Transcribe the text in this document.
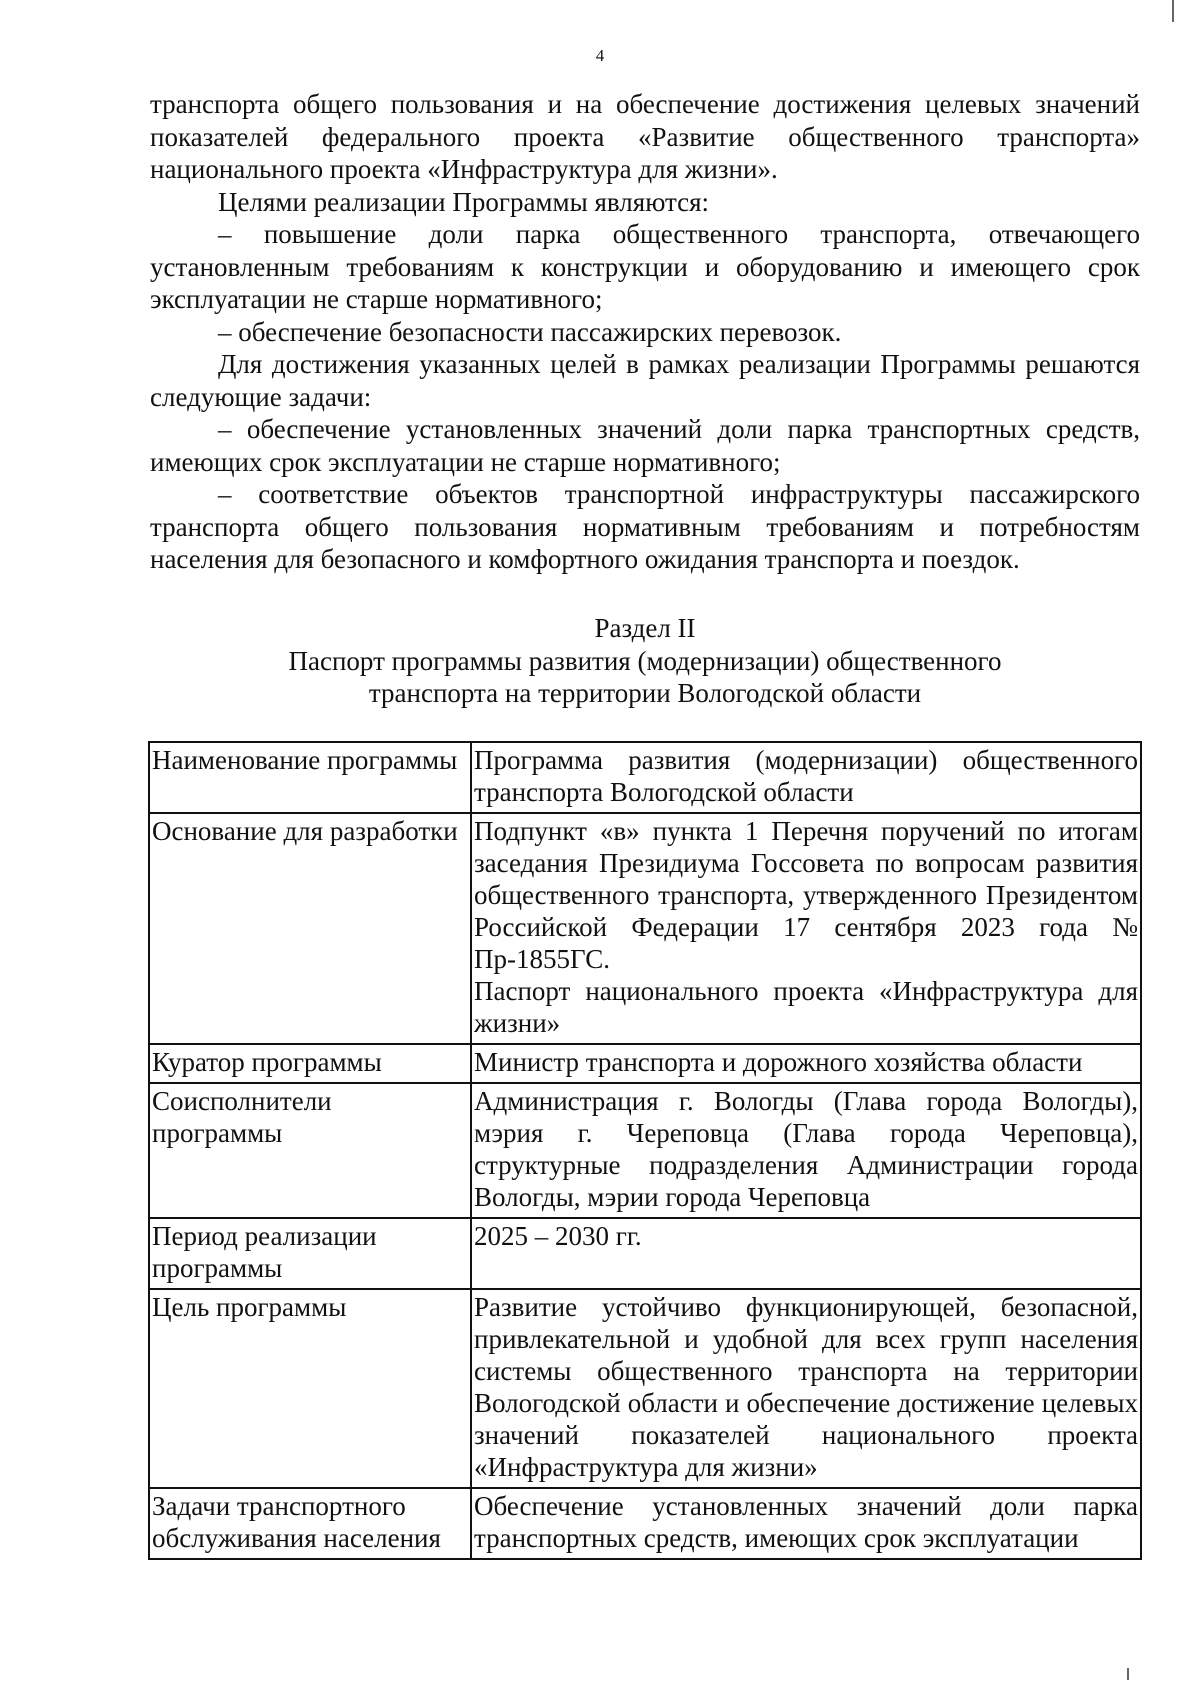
4

транспорта общего пользования и на обеспечение достижения целевых значений показателей федерального проекта «Развитие общественного транспорта» национального проекта «Инфраструктура для жизни».

Целями реализации Программы являются:

– повышение доли парка общественного транспорта, отвечающего установленным требованиям к конструкции и оборудованию и имеющего срок эксплуатации не старше нормативного;

– обеспечение безопасности пассажирских перевозок.

Для достижения указанных целей в рамках реализации Программы решаются следующие задачи:

– обеспечение установленных значений доли парка транспортных средств, имеющих срок эксплуатации не старше нормативного;

– соответствие объектов транспортной инфраструктуры пассажирского транспорта общего пользования нормативным требованиям и потребностям населения для безопасного и комфортного ожидания транспорта и поездок.

Раздел II
Паспорт программы развития (модернизации) общественного
транспорта на территории Вологодской области
Наименование программы	Программа развития (модернизации) общественного транспорта Вологодской области

Основание для разработки	Подпункт «в» пункта 1 Перечня поручений по итогам заседания Президиума Госсовета по вопросам развития общественного транспорта, утвержденного Президентом Российской Федерации 17 сентября 2023 года № Пр-1855ГС.
Паспорт национального проекта «Инфраструктура для жизни»

Куратор программы	Министр транспорта и дорожного хозяйства области

Соисполнители программы	Администрация г. Вологды (Глава города Вологды), мэрия г. Череповца (Глава города Череповца), структурные подразделения Администрации города Вологды, мэрии города Череповца

Период реализации программы	2025 – 2030 гг.

Цель программы	Развитие устойчиво функционирующей, безопасной, привлекательной и удобной для всех групп населения системы общественного транспорта на территории Вологодской области и обеспечение достижение целевых значений показателей национального проекта «Инфраструктура для жизни»

Задачи транспортного обслуживания населения	Обеспечение установленных значений доли парка транспортных средств, имеющих срок эксплуатации
